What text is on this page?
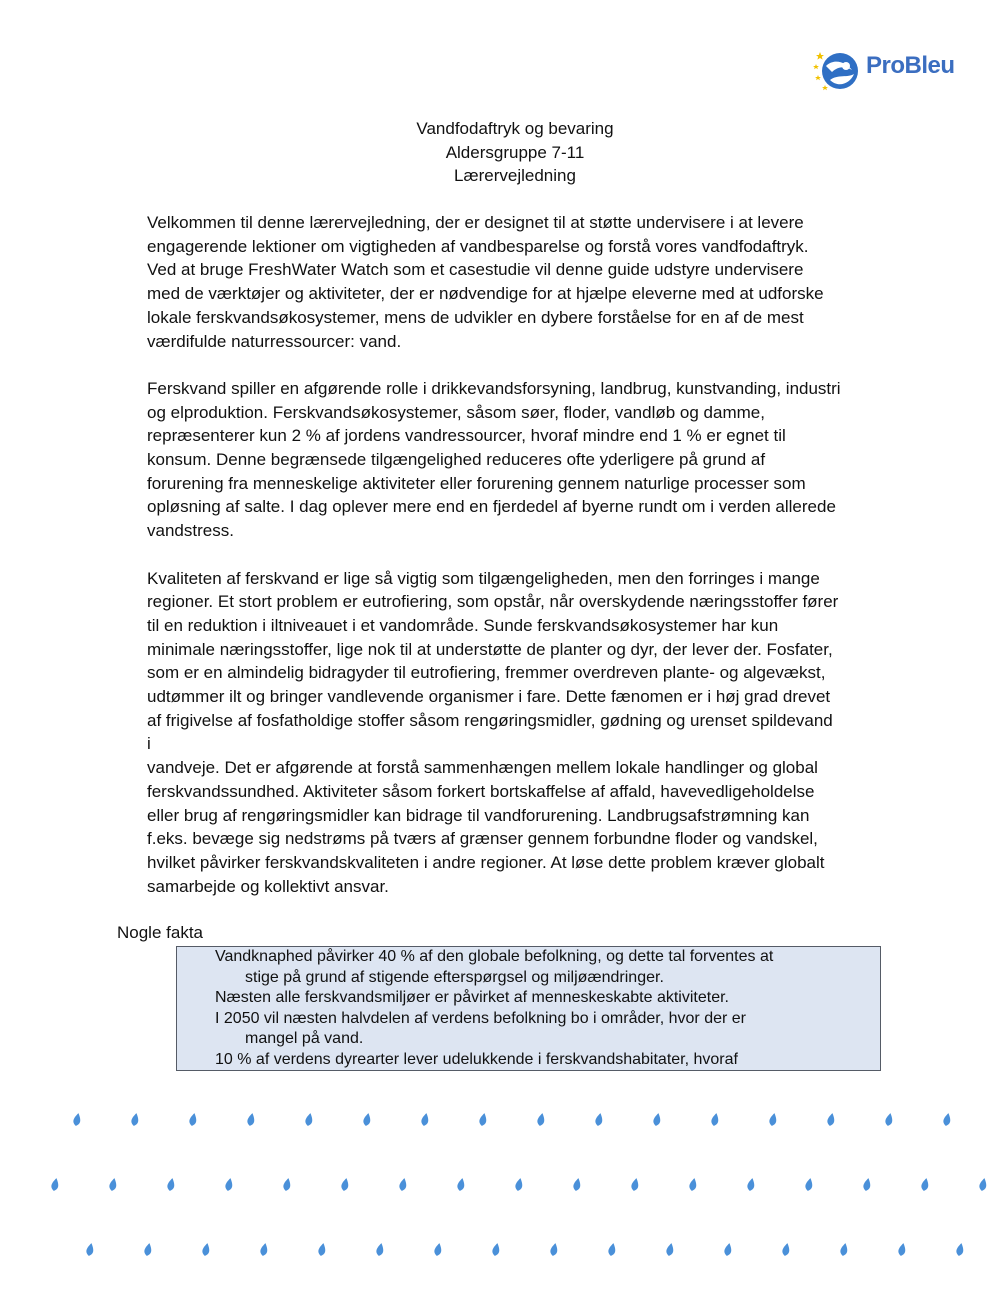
ProBleu
Vandfodaftryk og bevaring
Aldersgruppe 7-11
Lærervejledning
Velkommen til denne lærervejledning, der er designet til at støtte undervisere i at levere
engagerende lektioner om vigtigheden af vandbesparelse og forstå vores vandfodaftryk.
Ved at bruge FreshWater Watch som et casestudie vil denne guide udstyre undervisere
med de værktøjer og aktiviteter, der er nødvendige for at hjælpe eleverne med at udforske
lokale ferskvandsøkosystemer, mens de udvikler en dybere forståelse for en af de mest
værdifulde naturressourcer: vand.
Ferskvand spiller en afgørende rolle i drikkevandsforsyning, landbrug, kunstvanding, industri
og elproduktion. Ferskvandsøkosystemer, såsom søer, floder, vandløb og damme,
repræsenterer kun 2 % af jordens vandressourcer, hvoraf mindre end 1 % er egnet til
konsum. Denne begrænsede tilgængelighed reduceres ofte yderligere på grund af
forurening fra menneskelige aktiviteter eller forurening gennem naturlige processer som
opløsning af salte. I dag oplever mere end en fjerdedel af byerne rundt om i verden allerede
vandstress.
Kvaliteten af ferskvand er lige så vigtig som tilgængeligheden, men den forringes i mange
regioner. Et stort problem er eutrofiering, som opstår, når overskydende næringsstoffer fører
til en reduktion i iltniveauet i et vandområde. Sunde ferskvandsøkosystemer har kun
minimale næringsstoffer, lige nok til at understøtte de planter og dyr, der lever der. Fosfater,
som er en almindelig bidragyder til eutrofiering, fremmer overdreven plante- og algevækst,
udtømmer ilt og bringer vandlevende organismer i fare. Dette fænomen er i høj grad drevet
af frigivelse af fosfatholdige stoffer såsom rengøringsmidler, gødning og urenset spildevand
i
vandveje. Det er afgørende at forstå sammenhængen mellem lokale handlinger og global
ferskvandssundhed. Aktiviteter såsom forkert bortskaffelse af affald, havevedligeholdelse
eller brug af rengøringsmidler kan bidrage til vandforurening. Landbrugsafstrømning kan
f.eks. bevæge sig nedstrøms på tværs af grænser gennem forbundne floder og vandskel,
hvilket påvirker ferskvandskvaliteten i andre regioner. At løse dette problem kræver globalt
samarbejde og kollektivt ansvar.
Nogle fakta
Vandknaphed påvirker 40 % af den globale befolkning, og dette tal forventes at
stige på grund af stigende efterspørgsel og miljøændringer.
Næsten alle ferskvandsmiljøer er påvirket af menneskeskabte aktiviteter.
I 2050 vil næsten halvdelen af verdens befolkning bo i områder, hvor der er
mangel på vand.
10 % af verdens dyrearter lever udelukkende i ferskvandshabitater, hvoraf
